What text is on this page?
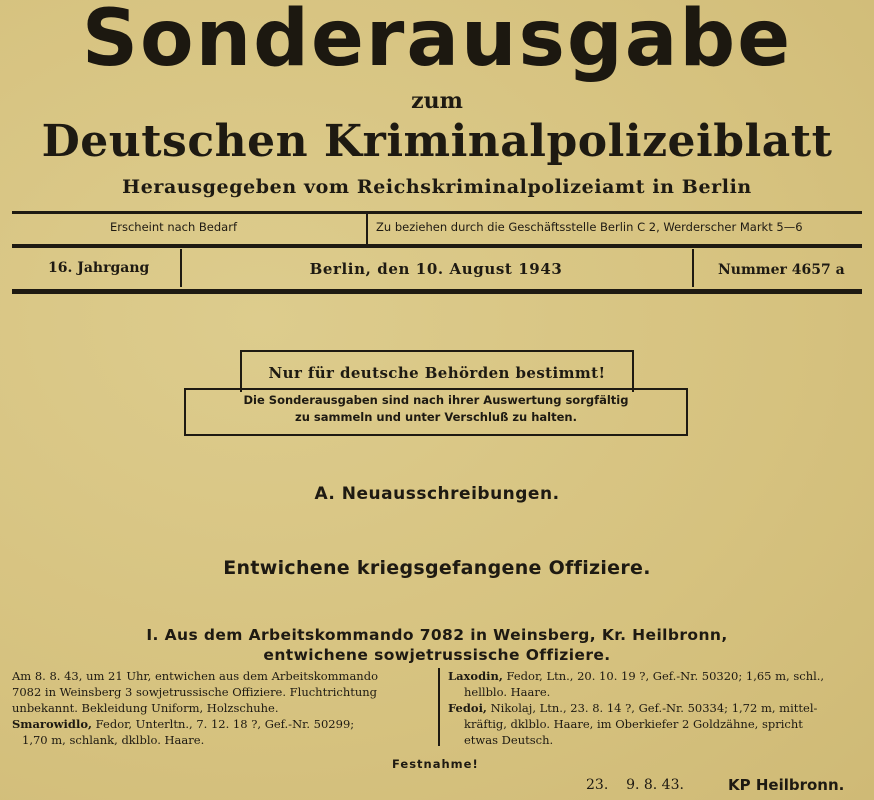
Sonderausgabe
zum
Deutschen Kriminalpolizeiblatt
Herausgegeben vom Reichskriminalpolizeiamt in Berlin
Erscheint nach Bedarf	Zu beziehen durch die Geschäftsstelle Berlin C 2, Werderscher Markt 5—6
16. Jahrgang	Berlin, den 10. August 1943	Nummer 4657 a
Nur für deutsche Behörden bestimmt!
Die Sonderausgaben sind nach ihrer Auswertung sorgfältig
zu sammeln und unter Verschluß zu halten.
A. Neuausschreibungen.
Entwichene kriegsgefangene Offiziere.
I. Aus dem Arbeitskommando 7082 in Weinsberg, Kr. Heilbronn,
entwichene sowjetrussische Offiziere.
Am 8. 8. 43, um 21 Uhr, entwichen aus dem Arbeitskommando
7082 in Weinsberg 3 sowjetrussische Offiziere. Fluchtrichtung
unbekannt. Bekleidung Uniform, Holzschuhe.
Smarowidlo, Fedor, Unterltn., 7. 12. 18 ?, Gef.-Nr. 50299;
1,70 m, schlank, dklblo. Haare.
Laxodin, Fedor, Ltn., 20. 10. 19 ?, Gef.-Nr. 50320; 1,65 m, schl.,
hellblo. Haare.
Fedoi, Nikolaj, Ltn., 23. 8. 14 ?, Gef.-Nr. 50334; 1,72 m, mittel-
kräftig, dklblo. Haare, im Oberkiefer 2 Goldzähne, spricht
etwas Deutsch.
Festnahme!
23.    9. 8. 43.	KP Heilbronn.
